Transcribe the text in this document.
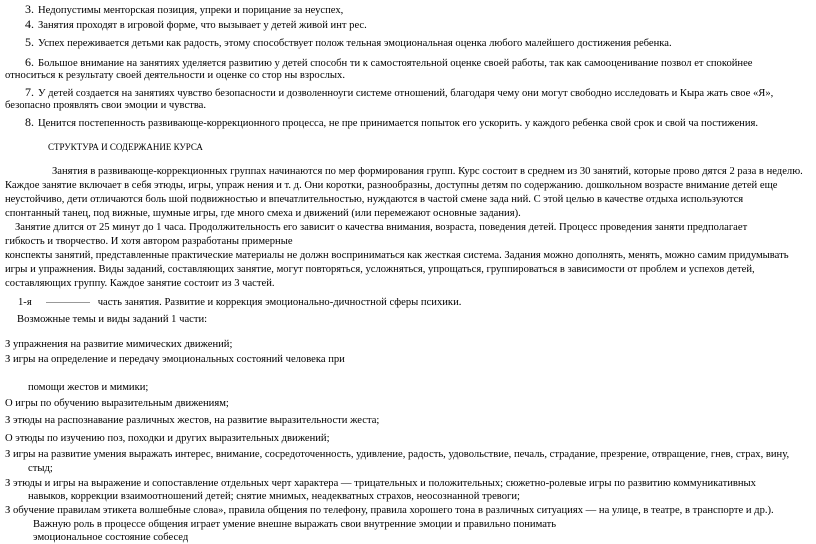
3. Недопустимы менторская позиция, упреки и порицание за неуспех,
4. Занятия проходят в игровой форме, что вызывает у детей живой инт рес.
5. Успех переживается детьми как радость, этому способствует полож тельная эмоциональная оценка любого малейшего достижения ребенка.
6. Большое внимание на занятиях уделяется развитию у детей способн ти к самостоятельной оценке своей работы, так как самооценивание позвол ет спокойнее
относиться к результату своей деятельности и оценке со стор ны взрослых.
7. У детей создается на занятиях чувство безопасности и дозволенноуги системе отношений, благодаря чему они могут свободно исследовать и Кыра жать свое «Я»,
безопасно проявлять свои эмоции и чувства.
8. Ценится постепенность развивающе-коррекционного процесса, не пре принимается попыток его ускорить. у каждого ребенка свой срок и свой ча постижения.
СТРУКТУРА И СОДЕРЖАНИЕ КУРСА
Занятия в развивающе-коррекционных группах начинаются по мер формирования групп. Курс состоит в среднем из 30 занятий, которые прово дятся 2 раза в неделю.
Каждое занятие включает в себя этюды, игры, упраж нения и т. д. Они коротки, разнообразны, доступны детям по содержанию. дошкольном возрасте внимание детей еще
неустойчиво, дети отличаются боль шой подвижностью и впечатлительностью, нуждаются в частой смене зада ний. С этой целью в качестве отдыха используются
спонтанный танец, под вижные, шумные игры, где много смеха и движений (или перемежают основные задания).
Занятие длится от 25 минут до 1 часа. Продолжительность его зависит о качества внимания, возраста, поведения детей. Процесс проведения заняти предполагает
гибкость и творчество. И хотя автором разработаны примерные
конспекты занятий, представленные практические материалы не должн восприниматься как жесткая система. Задания можно дополнять, менять, можно самим придумывать
игры и упражнения. Виды заданий, составляющих занятие, могут повторяться, усложняться, упрощаться, группироваться в зависимости от проблем и успехов детей,
составляющих группу. Каждое занятие состоит из 3 частей.
1-я	часть занятия. Развитие и коррекция эмоционально-дичностной сферы психики.
Возможные темы и виды заданий 1 части:
З упражнения на развитие мимических движений;
З игры на определение и передачу эмоциональных состояний человека при
помощи жестов и мимики;
О игры по обучению выразительным движениям;
З этюды на распознавание различных жестов, на развитие выразительности жеста;
О этюды по изучению поз, походки и других выразительных движений;
З игры на развитие умения выражать интерес, внимание, сосредоточенность, удивление, радость, удовольствие, печаль, страдание, презрение, отвращение, гнев, страх, вину,
стыд;
З этюды и игры на выражение и сопоставление отдельных черт характера — трицательных и положительных; сюжетно-ролевые игры по развитию коммуникативных
навыков, коррекции взаимоотношений детей; снятие мнимых, неадекватных страхов, неосознанной тревоги;
З обучение правилам этикета волшебные слова», правила общения по телефону, правила хорошего тона в различных ситуациях — на улице, в театре, в транспорте и др.).
Важную роль в процессе общения играет умение внешне выражать свои внутренние эмоции и правильно понимать
эмоциональное состояние собесед
